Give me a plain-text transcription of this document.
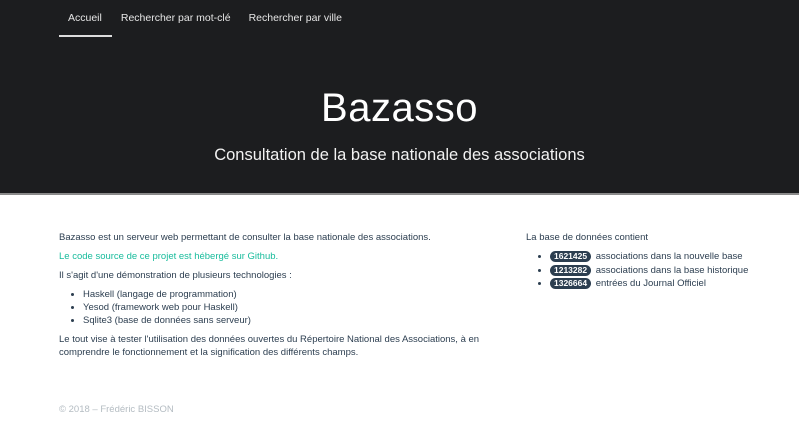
Accueil	Rechercher par mot-clé	Rechercher par ville
Bazasso
Consultation de la base nationale des associations

Bazasso est un serveur web permettant de consulter la base nationale des associations.

Le code source de ce projet est hébergé sur Github.

Il s'agit d'une démonstration de plusieurs technologies :

• Haskell (langage de programmation)
• Yesod (framework web pour Haskell)
• Sqlite3 (base de données sans serveur)

Le tout vise à tester l'utilisation des données ouvertes du Répertoire National des Associations, à en comprendre le fonctionnement et la signification des différents champs.

La base de données contient

• 1621425 associations dans la nouvelle base
• 1213282 associations dans la base historique
• 1326664 entrées du Journal Officiel
© 2018 – Frédéric BISSON
